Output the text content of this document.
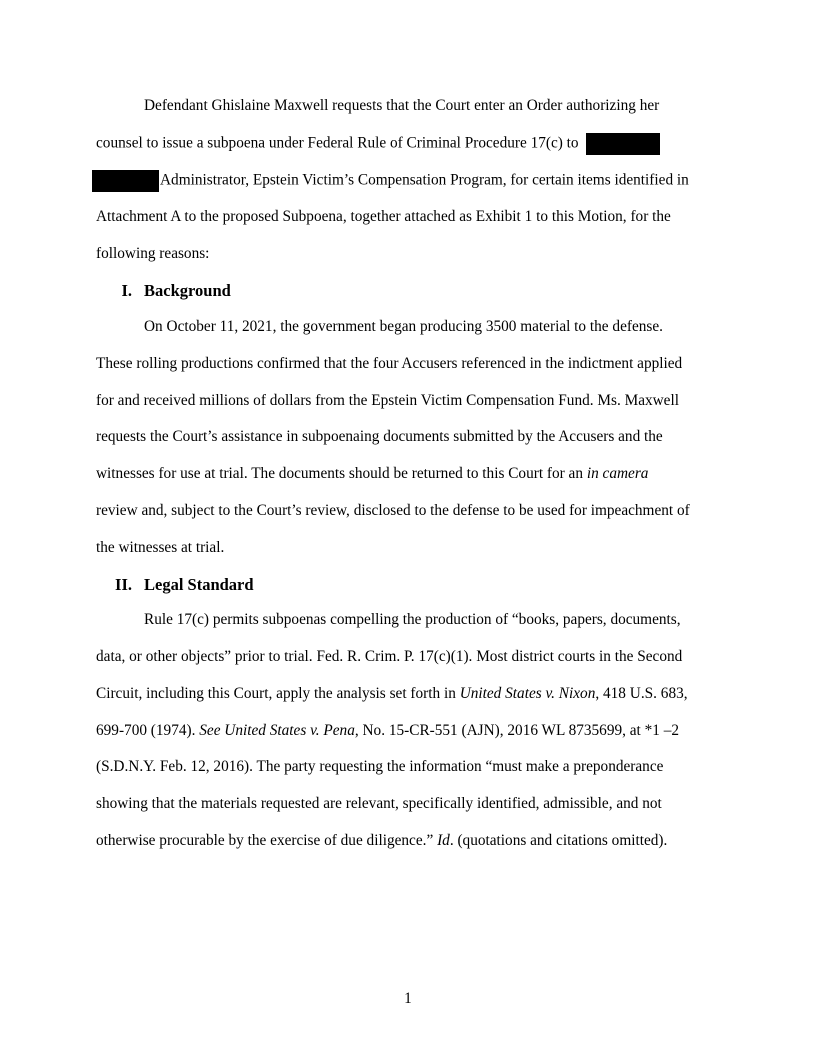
Defendant Ghislaine Maxwell requests that the Court enter an Order authorizing her
counsel to issue a subpoena under Federal Rule of Criminal Procedure 17(c) to
Administrator, Epstein Victim’s Compensation Program, for certain items identified in
Attachment A to the proposed Subpoena, together attached as Exhibit 1 to this Motion, for the
following reasons:
I. Background
On October 11, 2021, the government began producing 3500 material to the defense.
These rolling productions confirmed that the four Accusers referenced in the indictment applied
for and received millions of dollars from the Epstein Victim Compensation Fund. Ms. Maxwell
requests the Court’s assistance in subpoenaing documents submitted by the Accusers and the
witnesses for use at trial. The documents should be returned to this Court for an in camera
review and, subject to the Court’s review, disclosed to the defense to be used for impeachment of
the witnesses at trial.
II. Legal Standard
Rule 17(c) permits subpoenas compelling the production of “books, papers, documents,
data, or other objects” prior to trial. Fed. R. Crim. P. 17(c)(1). Most district courts in the Second
Circuit, including this Court, apply the analysis set forth in United States v. Nixon, 418 U.S. 683,
699-700 (1974). See United States v. Pena, No. 15-CR-551 (AJN), 2016 WL 8735699, at *1 –2
(S.D.N.Y. Feb. 12, 2016). The party requesting the information “must make a preponderance
showing that the materials requested are relevant, specifically identified, admissible, and not
otherwise procurable by the exercise of due diligence.” Id. (quotations and citations omitted).
1
